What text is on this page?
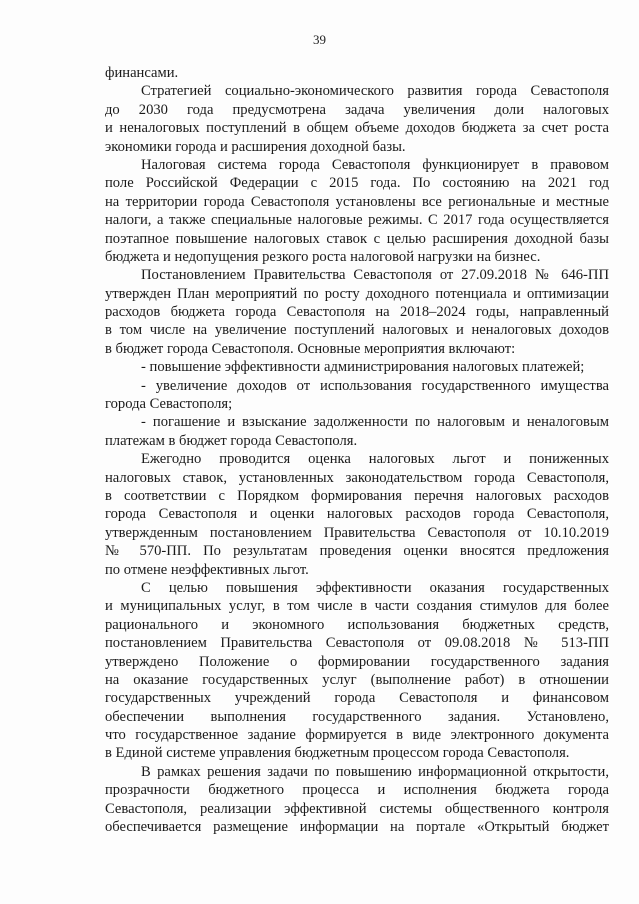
39
финансами.
Стратегией социально-экономического развития города Севастополя
до 2030 года предусмотрена задача увеличения доли налоговых
и неналоговых поступлений в общем объеме доходов бюджета за счет роста
экономики города и расширения доходной базы.
Налоговая система города Севастополя функционирует в правовом
поле Российской Федерации с 2015 года. По состоянию на 2021 год
на территории города Севастополя установлены все региональные и местные
налоги, а также специальные налоговые режимы. С 2017 года осуществляется
поэтапное повышение налоговых ставок с целью расширения доходной базы
бюджета и недопущения резкого роста налоговой нагрузки на бизнес.
Постановлением Правительства Севастополя от 27.09.2018 № 646-ПП
утвержден План мероприятий по росту доходного потенциала и оптимизации
расходов бюджета города Севастополя на 2018–2024 годы, направленный
в том числе на увеличение поступлений налоговых и неналоговых доходов
в бюджет города Севастополя. Основные мероприятия включают:
- повышение эффективности администрирования налоговых платежей;
- увеличение доходов от использования государственного имущества
города Севастополя;
- погашение и взыскание задолженности по налоговым и неналоговым
платежам в бюджет города Севастополя.
Ежегодно проводится оценка налоговых льгот и пониженных
налоговых ставок, установленных законодательством города Севастополя,
в соответствии с Порядком формирования перечня налоговых расходов
города Севастополя и оценки налоговых расходов города Севастополя,
утвержденным постановлением Правительства Севастополя от 10.10.2019
№ 570-ПП. По результатам проведения оценки вносятся предложения
по отмене неэффективных льгот.
С целью повышения эффективности оказания государственных
и муниципальных услуг, в том числе в части создания стимулов для более
рационального и экономного использования бюджетных средств,
постановлением Правительства Севастополя от 09.08.2018 № 513-ПП
утверждено Положение о формировании государственного задания
на оказание государственных услуг (выполнение работ) в отношении
государственных учреждений города Севастополя и финансовом
обеспечении выполнения государственного задания. Установлено,
что государственное задание формируется в виде электронного документа
в Единой системе управления бюджетным процессом города Севастополя.
В рамках решения задачи по повышению информационной открытости,
прозрачности бюджетного процесса и исполнения бюджета города
Севастополя, реализации эффективной системы общественного контроля
обеспечивается размещение информации на портале «Открытый бюджет
